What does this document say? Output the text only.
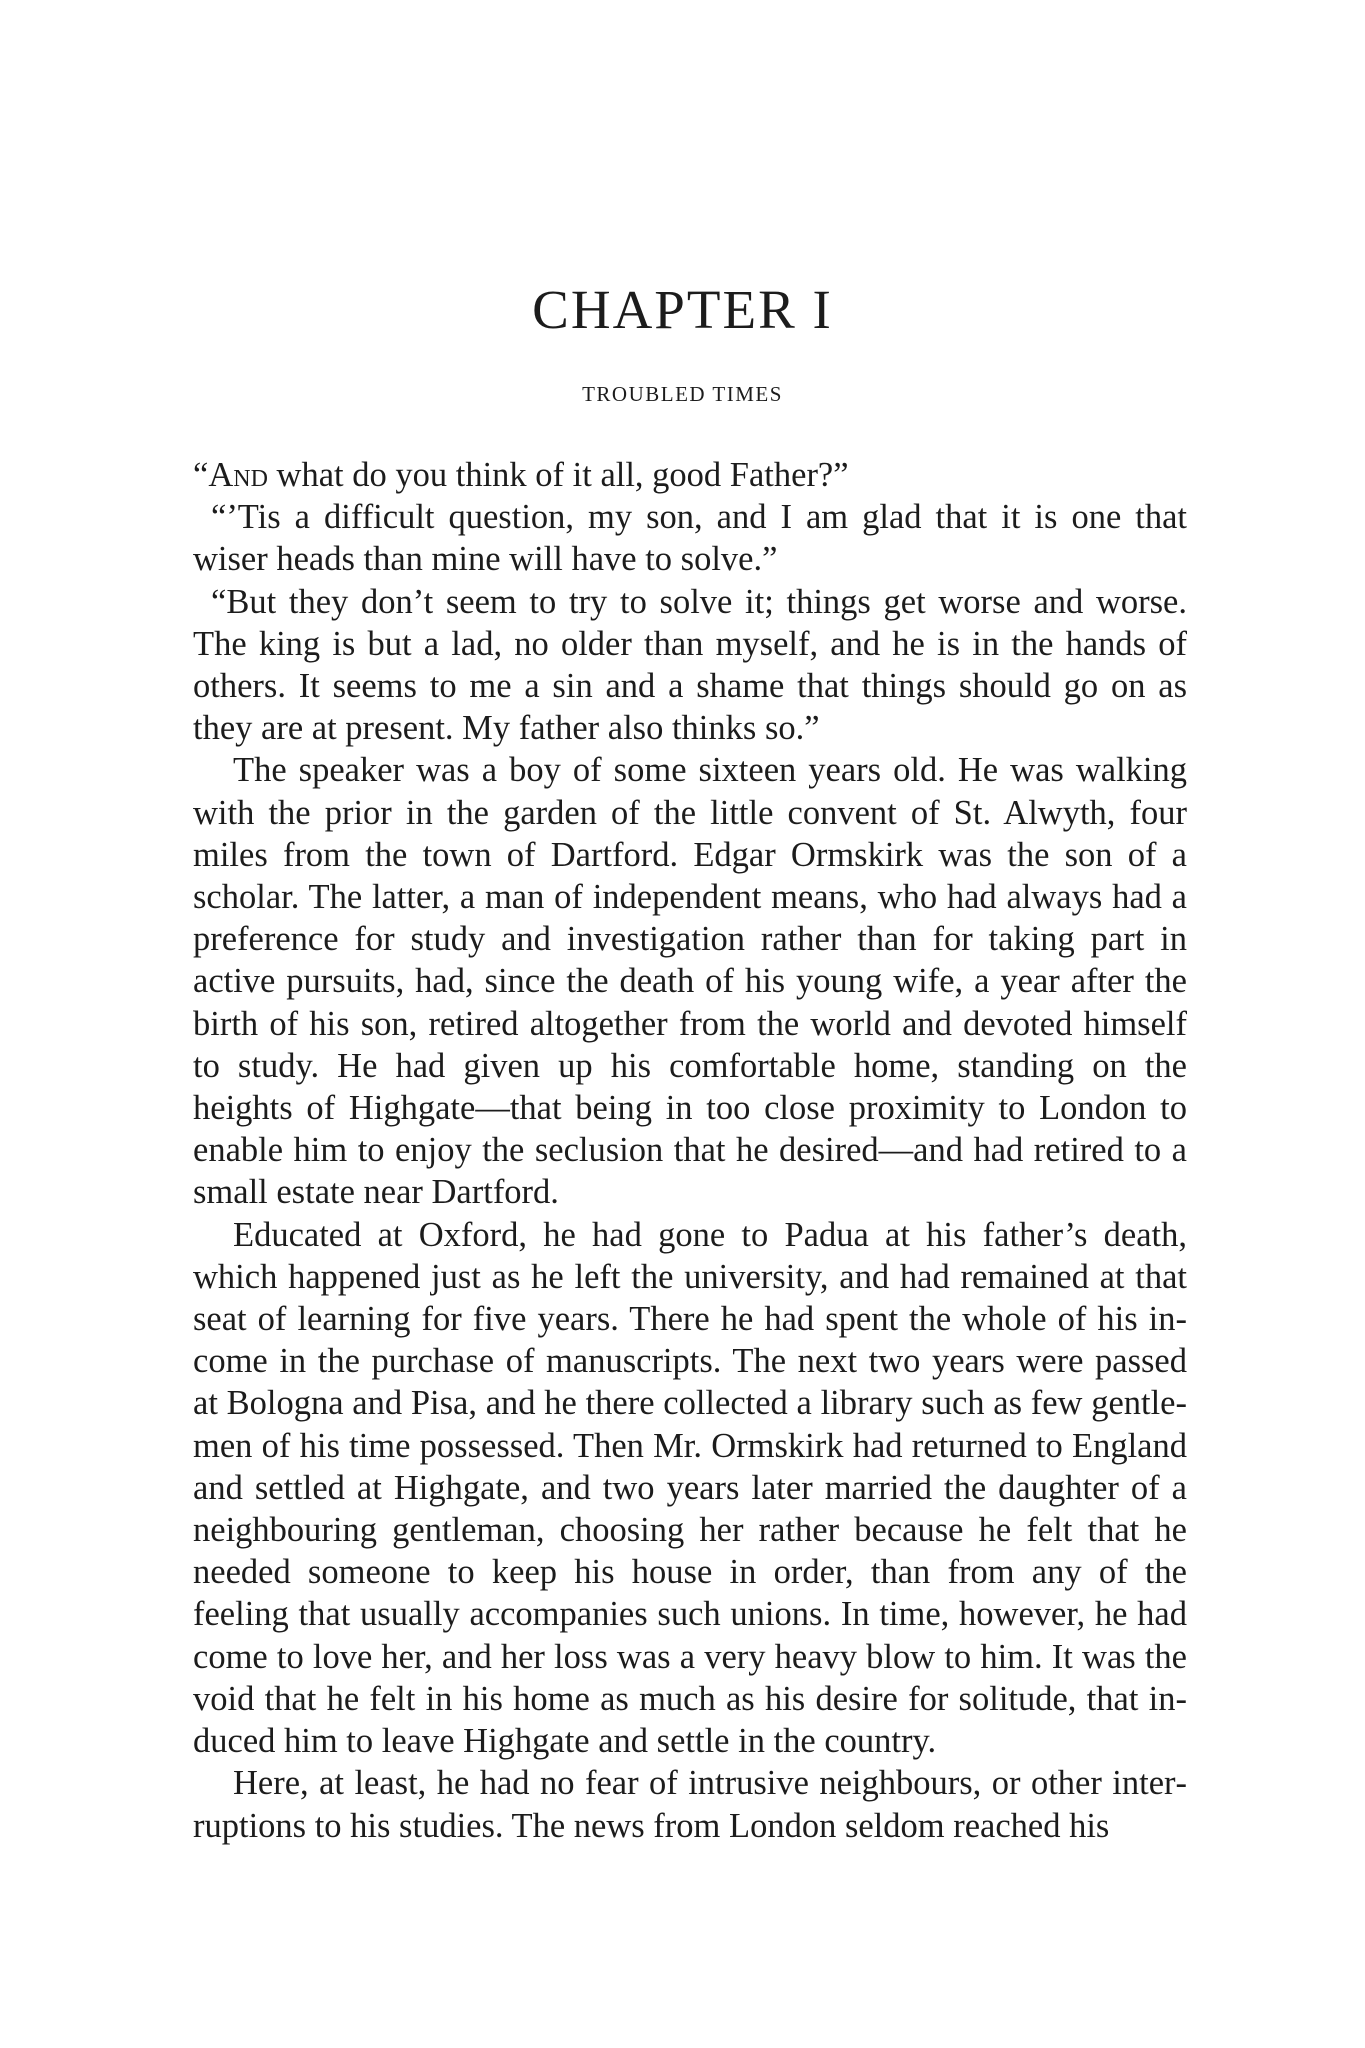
CHAPTER I
TROUBLED TIMES

“And what do you think of it all, good Father?”

“’Tis a difficult question, my son, and I am glad that it is one that wiser heads than mine will have to solve.”

“But they don’t seem to try to solve it; things get worse and worse. The king is but a lad, no older than myself, and he is in the hands of others. It seems to me a sin and a shame that things should go on as they are at present. My father also thinks so.”

The speaker was a boy of some sixteen years old. He was walking with the prior in the garden of the little convent of St. Alwyth, four miles from the town of Dartford. Edgar Ormskirk was the son of a scholar. The latter, a man of independent means, who had always had a preference for study and investigation rather than for taking part in active pursuits, had, since the death of his young wife, a year after the birth of his son, retired altogether from the world and devoted himself to study. He had given up his comfortable home, standing on the heights of Highgate—that being in too close proximity to London to enable him to enjoy the seclusion that he desired—and had retired to a small estate near Dartford.

Educated at Oxford, he had gone to Padua at his father’s death, which happened just as he left the university, and had remained at that seat of learning for five years. There he had spent the whole of his income in the purchase of manuscripts. The next two years were passed at Bologna and Pisa, and he there collected a library such as few gentlemen of his time possessed. Then Mr. Ormskirk had returned to England and settled at Highgate, and two years later married the daughter of a neighbouring gentleman, choosing her rather because he felt that he needed someone to keep his house in order, than from any of the feeling that usually accompanies such unions. In time, however, he had come to love her, and her loss was a very heavy blow to him. It was the void that he felt in his home as much as his desire for solitude, that induced him to leave Highgate and settle in the country.

Here, at least, he had no fear of intrusive neighbours, or other interruptions to his studies. The news from London seldom reached his
